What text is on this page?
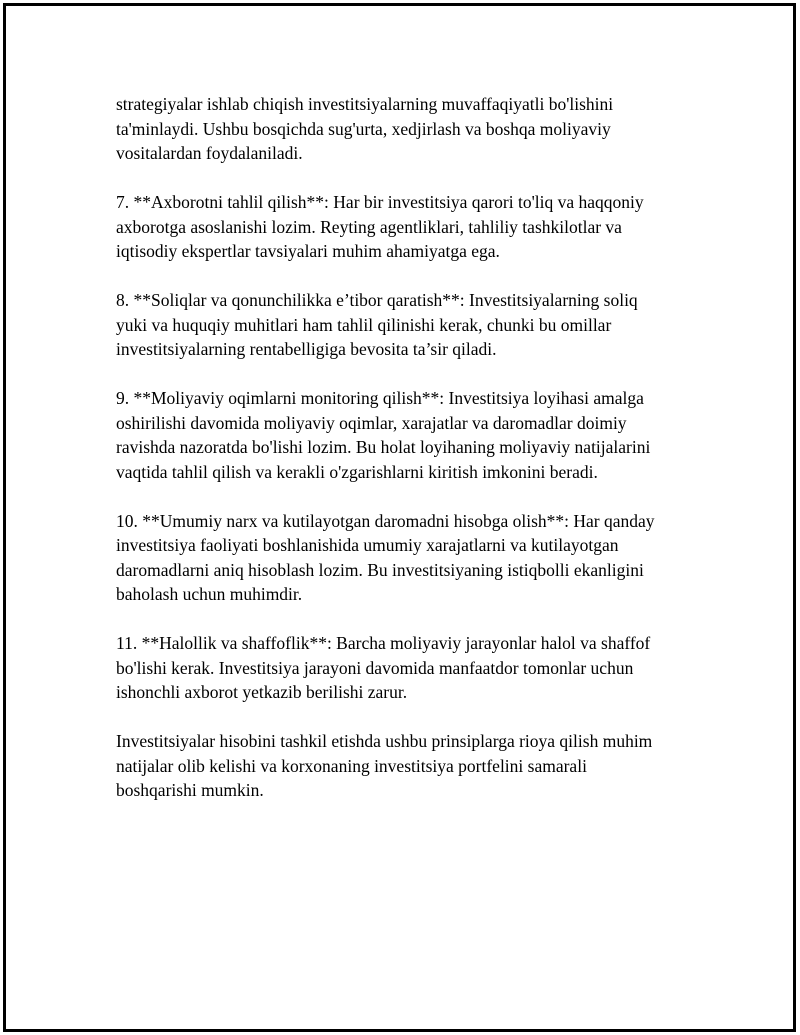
strategiyalar ishlab chiqish investitsiyalarning muvaffaqiyatli bo'lishini
ta'minlaydi. Ushbu bosqichda sug'urta, xedjirlash va boshqa moliyaviy
vositalardan foydalaniladi.

7. **Axborotni tahlil qilish**: Har bir investitsiya qarori to'liq va haqqoniy
axborotga asoslanishi lozim. Reyting agentliklari, tahliliy tashkilotlar va
iqtisodiy ekspertlar tavsiyalari muhim ahamiyatga ega.

8. **Soliqlar va qonunchilikka e’tibor qaratish**: Investitsiyalarning soliq
yuki va huquqiy muhitlari ham tahlil qilinishi kerak, chunki bu omillar
investitsiyalarning rentabelligiga bevosita ta’sir qiladi.

9. **Moliyaviy oqimlarni monitoring qilish**: Investitsiya loyihasi amalga
oshirilishi davomida moliyaviy oqimlar, xarajatlar va daromadlar doimiy
ravishda nazoratda bo'lishi lozim. Bu holat loyihaning moliyaviy natijalarini
vaqtida tahlil qilish va kerakli o'zgarishlarni kiritish imkonini beradi.

10. **Umumiy narx va kutilayotgan daromadni hisobga olish**: Har qanday
investitsiya faoliyati boshlanishida umumiy xarajatlarni va kutilayotgan
daromadlarni aniq hisoblash lozim. Bu investitsiyaning istiqbolli ekanligini
baholash uchun muhimdir.

11. **Halollik va shaffoflik**: Barcha moliyaviy jarayonlar halol va shaffof
bo'lishi kerak. Investitsiya jarayoni davomida manfaatdor tomonlar uchun
ishonchli axborot yetkazib berilishi zarur.

Investitsiyalar hisobini tashkil etishda ushbu prinsiplarga rioya qilish muhim
natijalar olib kelishi va korxonaning investitsiya portfelini samarali
boshqarishi mumkin.
